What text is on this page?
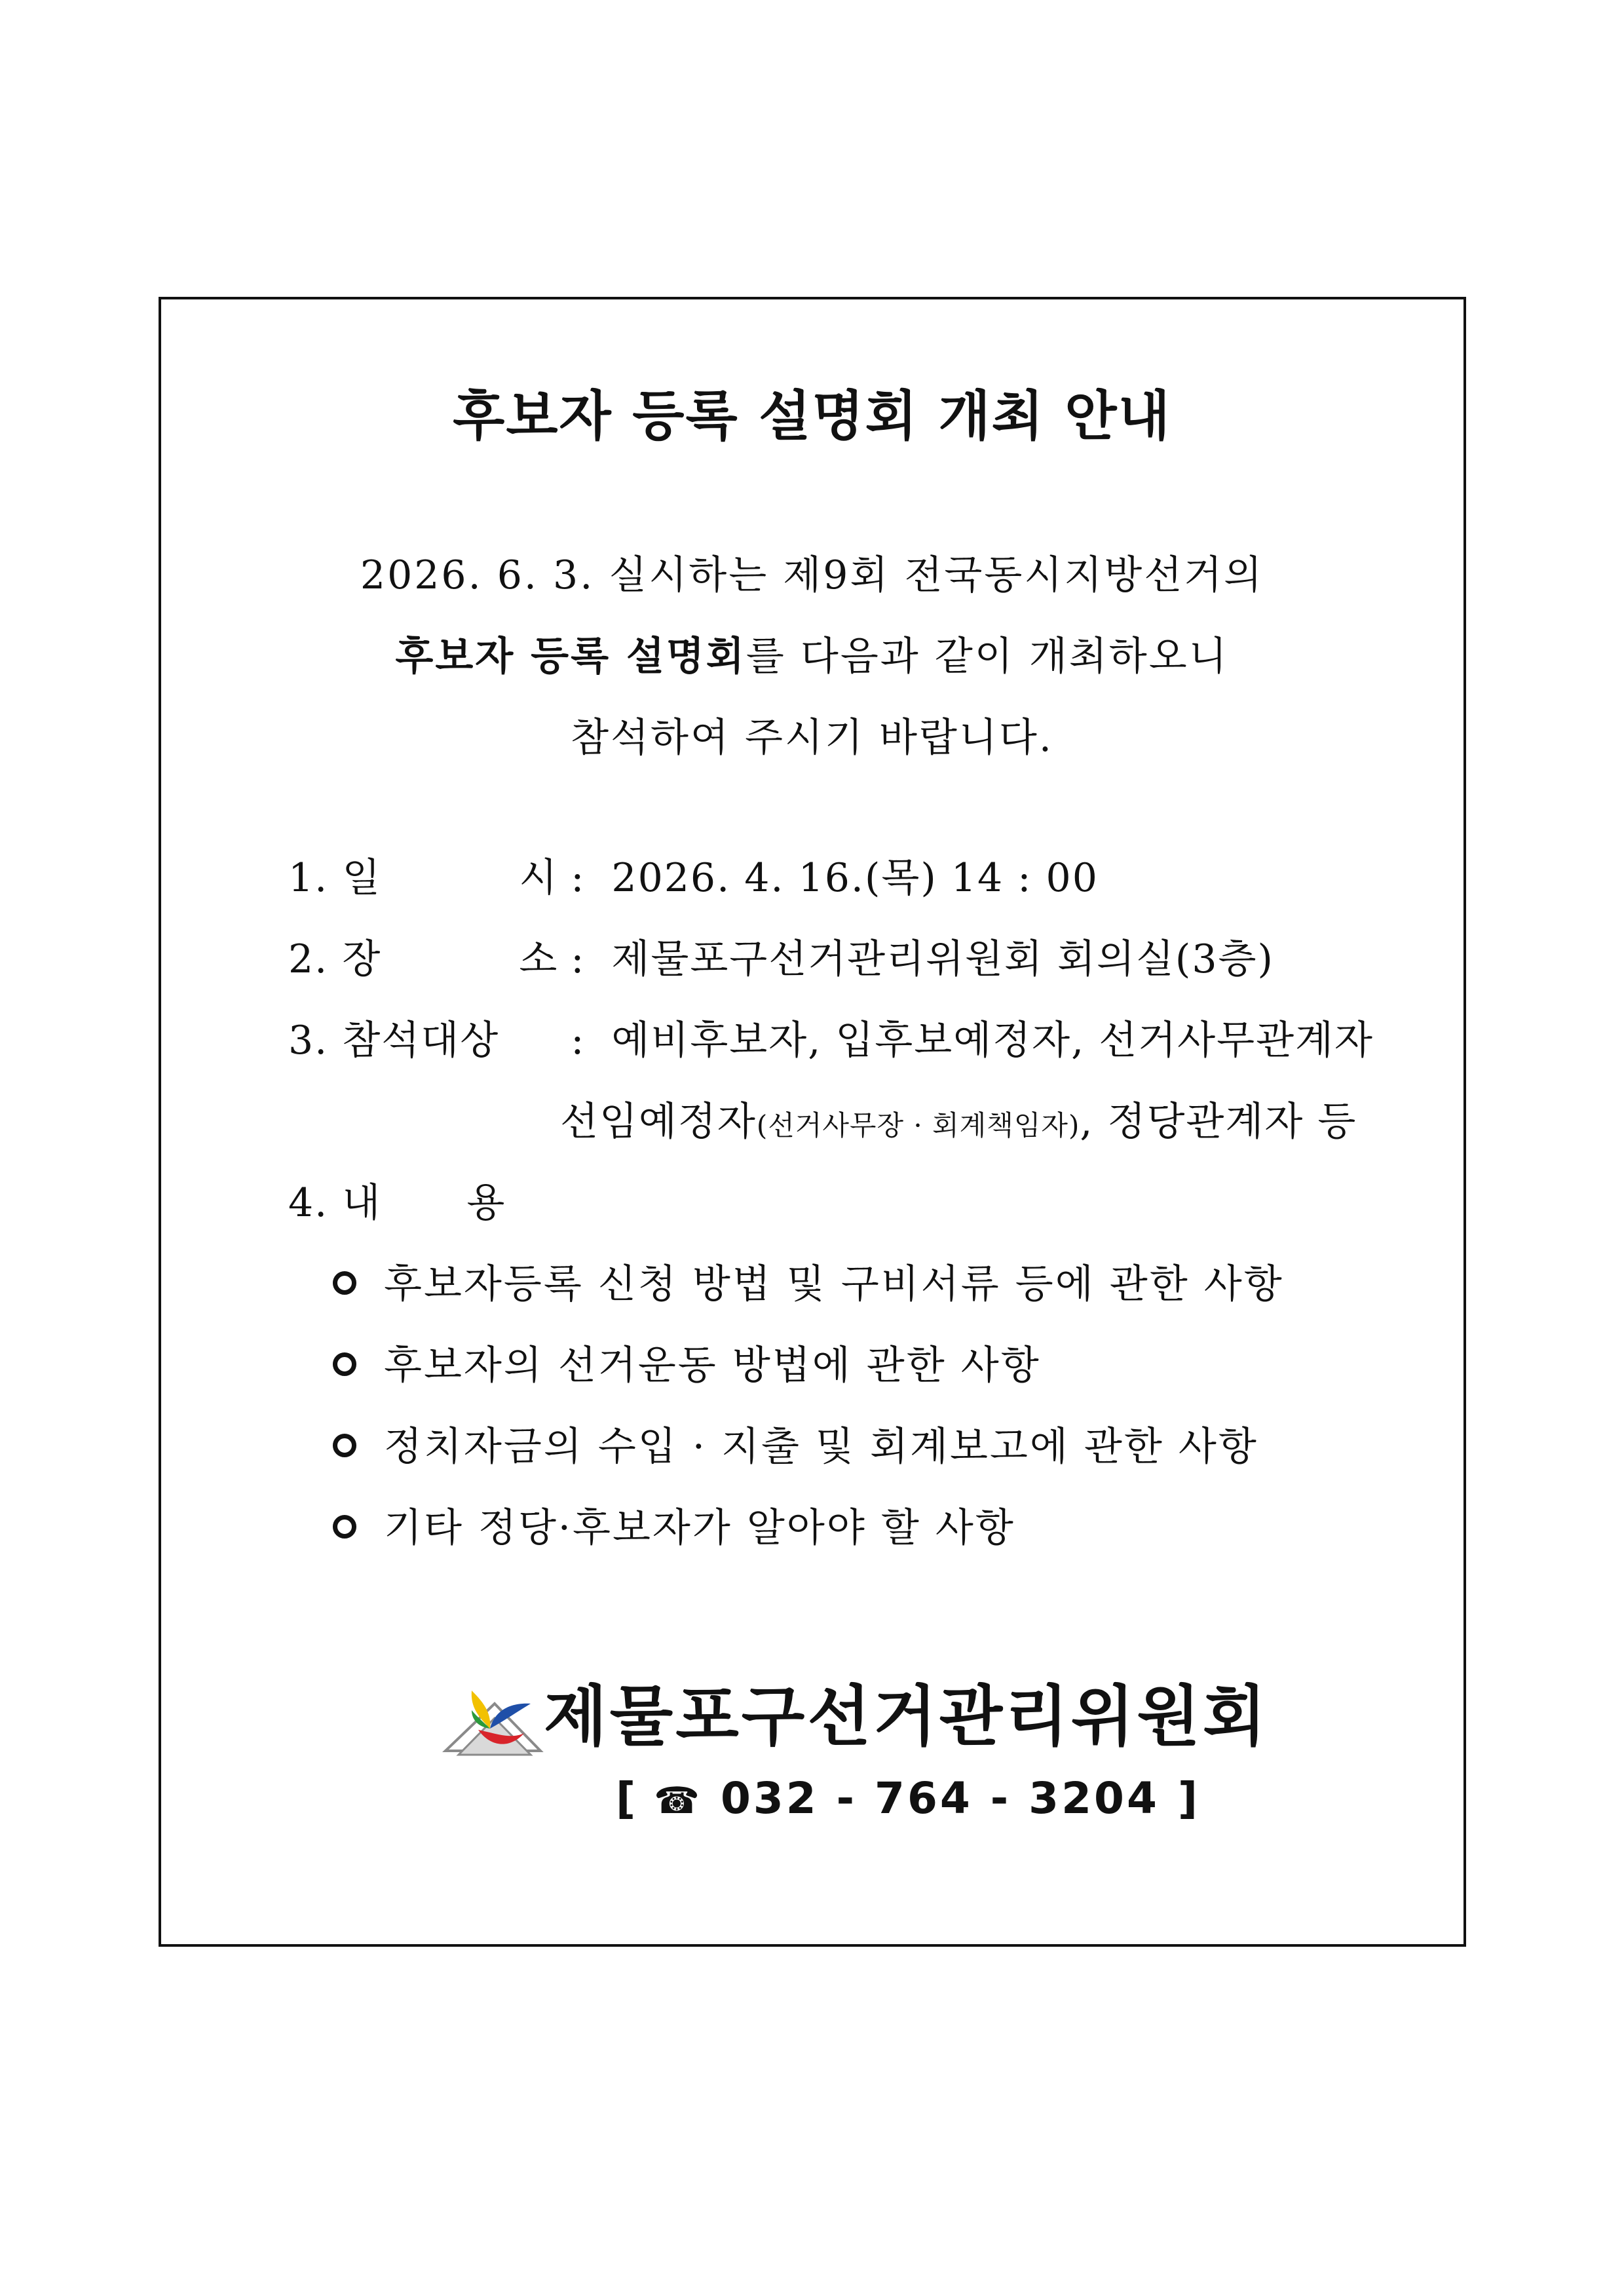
후보자 등록 설명회 개최 안내
2026. 6. 3. 실시하는 제9회 전국동시지방선거의
후보자 등록 설명회를 다음과 같이 개최하오니
참석하여 주시기 바랍니다.
1. 일 시 : 2026. 4. 16.(목) 14 : 00
2. 장 소 : 제물포구선거관리위원회 회의실(3층)
3. 참석대상 : 예비후보자, 입후보예정자, 선거사무관계자
선임예정자(선거사무장 · 회계책임자), 정당관계자 등
4. 내 용
후보자등록 신청 방법 및 구비서류 등에 관한 사항
후보자의 선거운동 방법에 관한 사항
정치자금의 수입 · 지출 및 회계보고에 관한 사항
기타 정당·후보자가 알아야 할 사항
제물포구선거관리위원회
[ ☎ 032 - 764 - 3204 ]
